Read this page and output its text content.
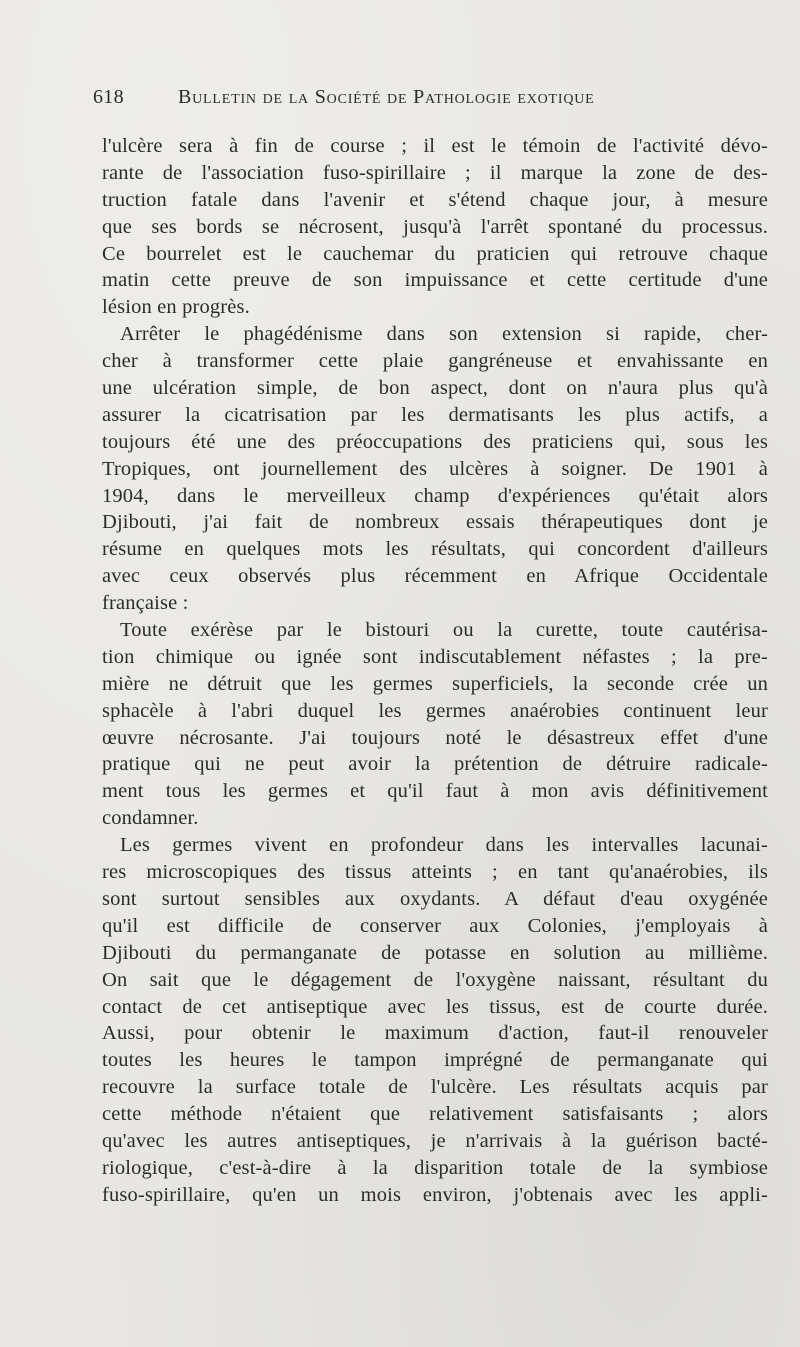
618	Bulletin de la Société de Pathologie exotique
l'ulcère sera à fin de course ; il est le témoin de l'activité dévo-
rante de l'association fuso-spirillaire ; il marque la zone de des-
truction fatale dans l'avenir et s'étend chaque jour, à mesure
que ses bords se nécrosent, jusqu'à l'arrêt spontané du processus.
Ce bourrelet est le cauchemar du praticien qui retrouve chaque
matin cette preuve de son impuissance et cette certitude d'une
lésion en progrès.
Arrêter le phagédénisme dans son extension si rapide, cher-
cher à transformer cette plaie gangréneuse et envahissante en
une ulcération simple, de bon aspect, dont on n'aura plus qu'à
assurer la cicatrisation par les dermatisants les plus actifs, a
toujours été une des préoccupations des praticiens qui, sous les
Tropiques, ont journellement des ulcères à soigner. De 1901 à
1904, dans le merveilleux champ d'expériences qu'était alors
Djibouti, j'ai fait de nombreux essais thérapeutiques dont je
résume en quelques mots les résultats, qui concordent d'ailleurs
avec ceux observés plus récemment en Afrique Occidentale
française :
Toute exérèse par le bistouri ou la curette, toute cautérisa-
tion chimique ou ignée sont indiscutablement néfastes ; la pre-
mière ne détruit que les germes superficiels, la seconde crée un
sphacèle à l'abri duquel les germes anaérobies continuent leur
œuvre nécrosante. J'ai toujours noté le désastreux effet d'une
pratique qui ne peut avoir la prétention de détruire radicale-
ment tous les germes et qu'il faut à mon avis définitivement
condamner.
Les germes vivent en profondeur dans les intervalles lacunai-
res microscopiques des tissus atteints ; en tant qu'anaérobies, ils
sont surtout sensibles aux oxydants. A défaut d'eau oxygénée
qu'il est difficile de conserver aux Colonies, j'employais à
Djibouti du permanganate de potasse en solution au millième.
On sait que le dégagement de l'oxygène naissant, résultant du
contact de cet antiseptique avec les tissus, est de courte durée.
Aussi, pour obtenir le maximum d'action, faut-il renouveler
toutes les heures le tampon imprégné de permanganate qui
recouvre la surface totale de l'ulcère. Les résultats acquis par
cette méthode n'étaient que relativement satisfaisants ; alors
qu'avec les autres antiseptiques, je n'arrivais à la guérison bacté-
riologique, c'est-à-dire à la disparition totale de la symbiose
fuso-spirillaire, qu'en un mois environ, j'obtenais avec les appli-
